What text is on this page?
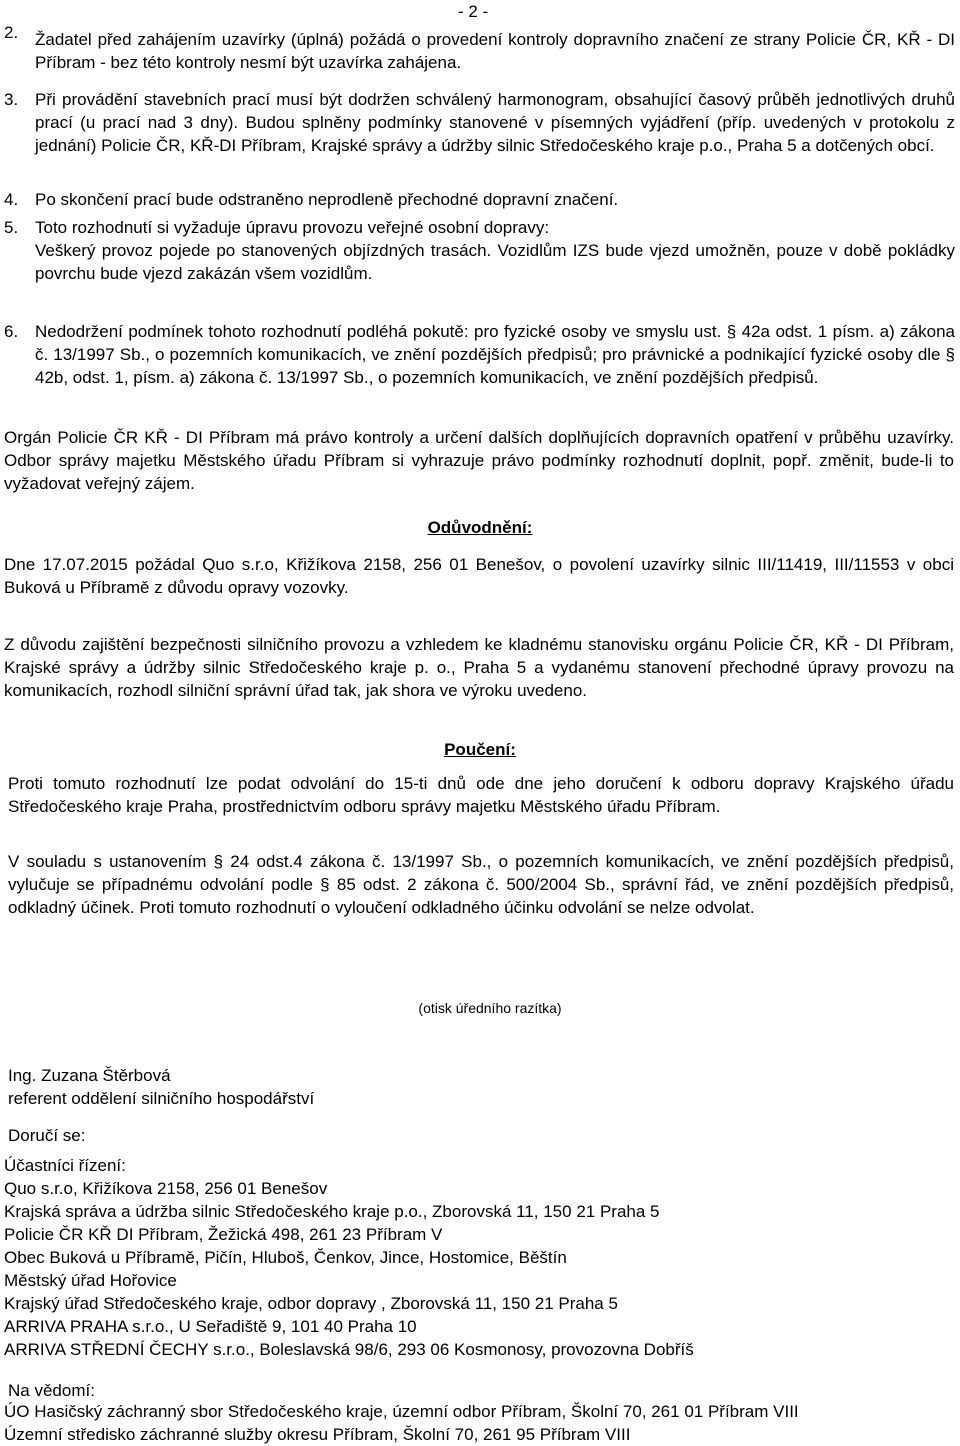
- 2 -
2. Žadatel před zahájením uzavírky (úplná) požádá o provedení kontroly dopravního značení ze strany Policie ČR, KŘ - DI Příbram - bez této kontroly nesmí být uzavírka zahájena.
3. Při provádění stavebních prací musí být dodržen schválený harmonogram, obsahující časový průběh jednotlivých druhů prací (u prací nad 3 dny). Budou splněny podmínky stanovené v písemných vyjádření (příp. uvedených v protokolu z jednání) Policie ČR, KŘ-DI Příbram, Krajské správy a údržby silnic Středočeského kraje p.o., Praha 5 a dotčených obcí.
4. Po skončení prací bude odstraněno neprodleně přechodné dopravní značení.
5. Toto rozhodnutí si vyžaduje úpravu provozu veřejné osobní dopravy:
Veškerý provoz pojede po stanovených objízdných trasách. Vozidlům IZS bude vjezd umožněn, pouze v době pokládky povrchu bude vjezd zakázán všem vozidlům.
6. Nedodržení podmínek tohoto rozhodnutí podléhá pokutě: pro fyzické osoby ve smyslu ust. § 42a odst. 1 písm. a) zákona č. 13/1997 Sb., o pozemních komunikacích, ve znění pozdějších předpisů; pro právnické a podnikající fyzické osoby dle § 42b, odst. 1, písm. a) zákona č. 13/1997 Sb., o pozemních komunikacích, ve znění pozdějších předpisů.
Orgán Policie ČR KŘ - DI Příbram má právo kontroly a určení dalších doplňujících dopravních opatření v průběhu uzavírky. Odbor správy majetku Městského úřadu Příbram si vyhrazuje právo podmínky rozhodnutí doplnit, popř. změnit, bude-li to vyžadovat veřejný zájem.
Odůvodnění:
Dne 17.07.2015 požádal Quo s.r.o, Křižíkova 2158, 256 01 Benešov, o povolení uzavírky silnic III/11419, III/11553 v obci Buková u Příbramě z důvodu opravy vozovky.
Z důvodu zajištění bezpečnosti silničního provozu a vzhledem ke kladnému stanovisku orgánu Policie ČR, KŘ - DI Příbram, Krajské správy a údržby silnic Středočeského kraje p. o., Praha 5 a vydanému stanovení přechodné úpravy provozu na komunikacích, rozhodl silniční správní úřad tak, jak shora ve výroku uvedeno.
Poučení:
Proti tomuto rozhodnutí lze podat odvolání do 15-ti dnů ode dne jeho doručení k odboru dopravy Krajského úřadu Středočeského kraje Praha, prostřednictvím odboru správy majetku Městského úřadu Příbram.
V souladu s ustanovením § 24 odst.4 zákona č. 13/1997 Sb., o pozemních komunikacích, ve znění pozdějších předpisů, vylučuje se případnému odvolání podle § 85 odst. 2 zákona č. 500/2004 Sb., správní řád, ve znění pozdějších předpisů, odkladný účinek. Proti tomuto rozhodnutí o vyloučení odkladného účinku odvolání se nelze odvolat.
(otisk úředního razítka)
Ing. Zuzana Štěrbová
referent oddělení silničního hospodářství
Doručí se:
Účastníci řízení:
Quo s.r.o, Křižíkova 2158, 256 01 Benešov
Krajská správa a údržba silnic Středočeského kraje p.o., Zborovská 11, 150 21 Praha 5
Policie ČR KŘ DI Příbram, Žežická 498, 261 23 Příbram V
Obec Buková u Příbramě, Pičín, Hluboš, Čenkov, Jince, Hostomice, Běštín
Městský úřad Hořovice
Krajský úřad Středočeského kraje, odbor dopravy , Zborovská 11, 150 21 Praha 5
ARRIVA PRAHA s.r.o., U Seřadiště 9, 101 40 Praha 10
ARRIVA STŘEDNÍ ČECHY s.r.o., Boleslavská 98/6, 293 06 Kosmonosy, provozovna Dobříš
Na vědomí:
ÚO Hasičský záchranný sbor Středočeského kraje, územní odbor Příbram, Školní 70, 261 01 Příbram VIII
Územní středisko záchranné služby okresu Příbram, Školní 70, 261 95 Příbram VIII
